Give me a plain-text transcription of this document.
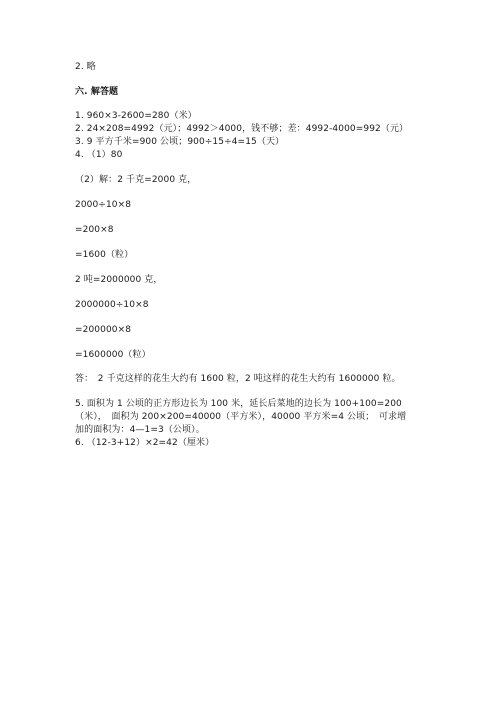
2. 略
六. 解答题
1. 960×3-2600=280（米）
2. 24×208=4992（元）；4992＞4000，钱不够；差：4992-4000=992（元）
3. 9 平方千米=900 公顷；900÷15÷4=15（天）
4. （1）80
（2）解：2 千克=2000 克，
2000÷10×8
=200×8
=1600（粒）
2 吨=2000000 克，
2000000÷10×8
=200000×8
=1600000（粒）
答：　2 千克这样的花生大约有 1600 粒，2 吨这样的花生大约有 1600000 粒。
5. 面积为 1 公顷的正方形边长为 100 米，延长后菜地的边长为 100+100=200
（米），　面积为 200×200=40000（平方米），40000 平方米=4 公顷；　可求增
加的面积为：4—1=3（公顷）。
6. （12-3+12）×2=42（厘米）
